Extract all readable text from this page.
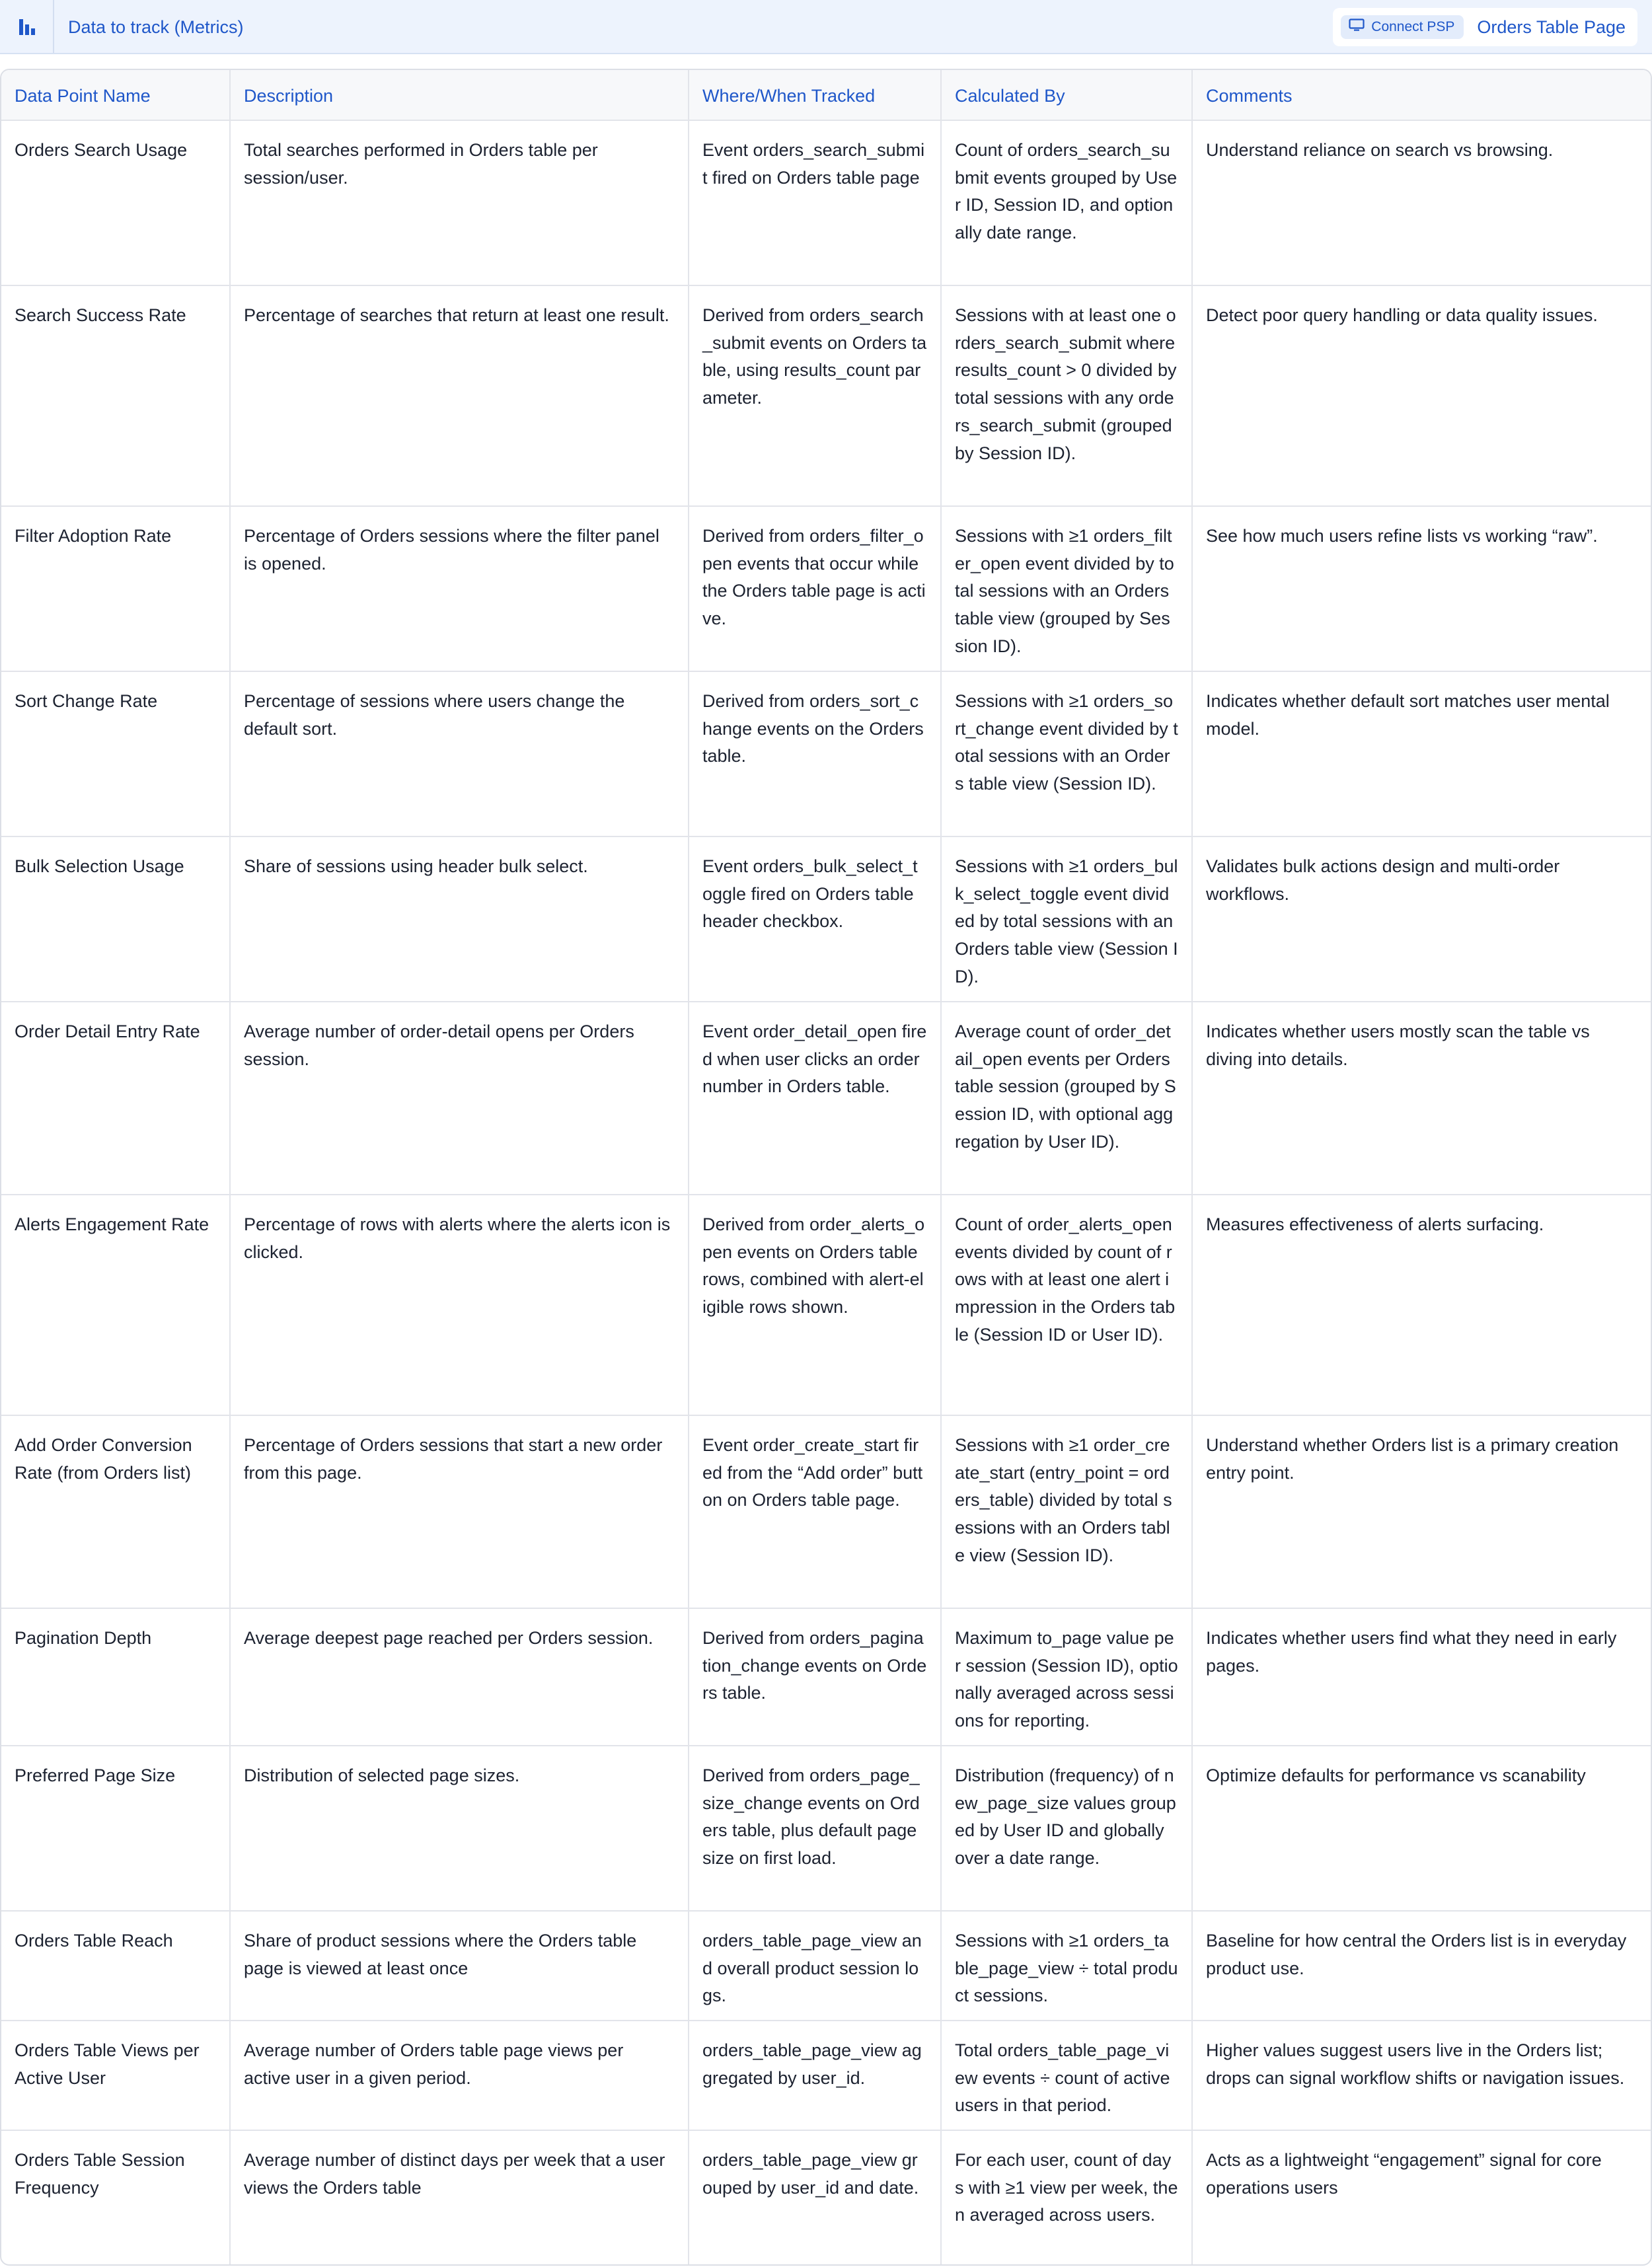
Data to track (Metrics)	Connect PSP Orders Table Page
Data Point Name	Description	Where/When Tracked	Calculated By	Comments
Orders Search Usage	Total searches performed in Orders table per session/user.	Event orders_search_submit fired on Orders table page	Count of orders_search_submit events grouped by User ID, Session ID, and optionally date range.	Understand reliance on search vs browsing.
Search Success Rate	Percentage of searches that return at least one result.	Derived from orders_search_submit events on Orders table, using results_count parameter.	Sessions with at least one orders_search_submit where results_count > 0 divided by total sessions with any orders_search_submit (grouped by Session ID).	Detect poor query handling or data quality issues.
Filter Adoption Rate	Percentage of Orders sessions where the filter panel is opened.	Derived from orders_filter_open events that occur while the Orders table page is active.	Sessions with ≥1 orders_filter_open event divided by total sessions with an Orders table view (grouped by Session ID).	See how much users refine lists vs working “raw”.
Sort Change Rate	Percentage of sessions where users change the default sort.	Derived from orders_sort_change events on the Orders table.	Sessions with ≥1 orders_sort_change event divided by total sessions with an Orders table view (Session ID).	Indicates whether default sort matches user mental model.
Bulk Selection Usage	Share of sessions using header bulk select.	Event orders_bulk_select_toggle fired on Orders table header checkbox.	Sessions with ≥1 orders_bulk_select_toggle event divided by total sessions with an Orders table view (Session ID).	Validates bulk actions design and multi-order workflows.
Order Detail Entry Rate	Average number of order-detail opens per Orders session.	Event order_detail_open fired when user clicks an order number in Orders table.	Average count of order_detail_open events per Orders table session (grouped by Session ID, with optional aggregation by User ID).	Indicates whether users mostly scan the table vs diving into details.
Alerts Engagement Rate	Percentage of rows with alerts where the alerts icon is clicked.	Derived from order_alerts_open events on Orders table rows, combined with alert-eligible rows shown.	Count of order_alerts_open events divided by count of rows with at least one alert impression in the Orders table (Session ID or User ID).	Measures effectiveness of alerts surfacing.
Add Order Conversion Rate (from Orders list)	Percentage of Orders sessions that start a new order from this page.	Event order_create_start fired from the “Add order” button on Orders table page.	Sessions with ≥1 order_create_start (entry_point = orders_table) divided by total sessions with an Orders table view (Session ID).	Understand whether Orders list is a primary creation entry point.
Pagination Depth	Average deepest page reached per Orders session.	Derived from orders_pagination_change events on Orders table.	Maximum to_page value per session (Session ID), optionally averaged across sessions for reporting.	Indicates whether users find what they need in early pages.
Preferred Page Size	Distribution of selected page sizes.	Derived from orders_page_size_change events on Orders table, plus default page size on first load.	Distribution (frequency) of new_page_size values grouped by User ID and globally over a date range.	Optimize defaults for performance vs scanability
Orders Table Reach	Share of product sessions where the Orders table page is viewed at least once	orders_table_page_view and overall product session logs.	Sessions with ≥1 orders_table_page_view ÷ total product sessions.	Baseline for how central the Orders list is in everyday product use.
Orders Table Views per Active User	Average number of Orders table page views per active user in a given period.	orders_table_page_view aggregated by user_id.	Total orders_table_page_view events ÷ count of active users in that period.	Higher values suggest users live in the Orders list; drops can signal workflow shifts or navigation issues.
Orders Table Session Frequency	Average number of distinct days per week that a user views the Orders table	orders_table_page_view grouped by user_id and date.	For each user, count of days with ≥1 view per week, then averaged across users.	Acts as a lightweight “engagement” signal for core operations users
